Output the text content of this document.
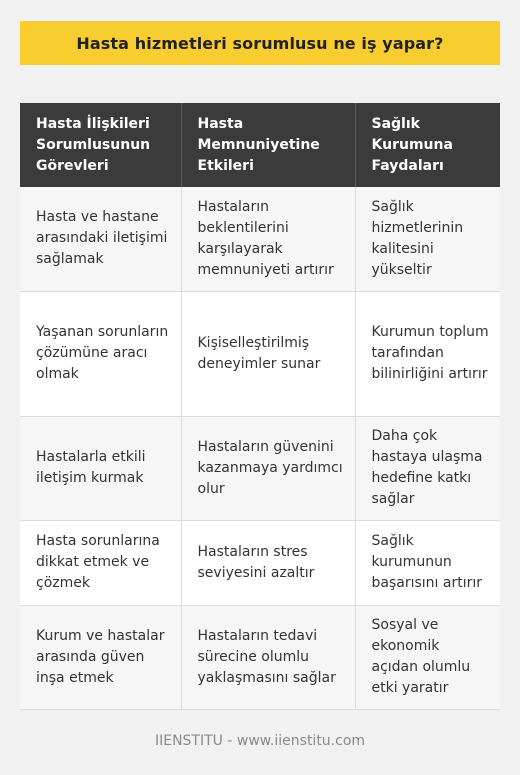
Hasta hizmetleri sorumlusu ne iş yapar?
Hasta İlişkileri Sorumlusunun Görevleri	Hasta Memnuniyetine Etkileri	Sağlık Kurumuna Faydaları
Hasta ve hastane arasındaki iletişimi sağlamak	Hastaların beklentilerini karşılayarak memnuniyeti artırır	Sağlık hizmetlerinin kalitesini yükseltir
Yaşanan sorunların çözümüne aracı olmak	Kişiselleştirilmiş deneyimler sunar	Kurumun toplum tarafından bilinirliğini artırır
Hastalarla etkili iletişim kurmak	Hastaların güvenini kazanmaya yardımcı olur	Daha çok hastaya ulaşma hedefine katkı sağlar
Hasta sorunlarına dikkat etmek ve çözmek	Hastaların stres seviyesini azaltır	Sağlık kurumunun başarısını artırır
Kurum ve hastalar arasında güven inşa etmek	Hastaların tedavi sürecine olumlu yaklaşmasını sağlar	Sosyal ve ekonomik açıdan olumlu etki yaratır
IIENSTITU - www.iienstitu.com
